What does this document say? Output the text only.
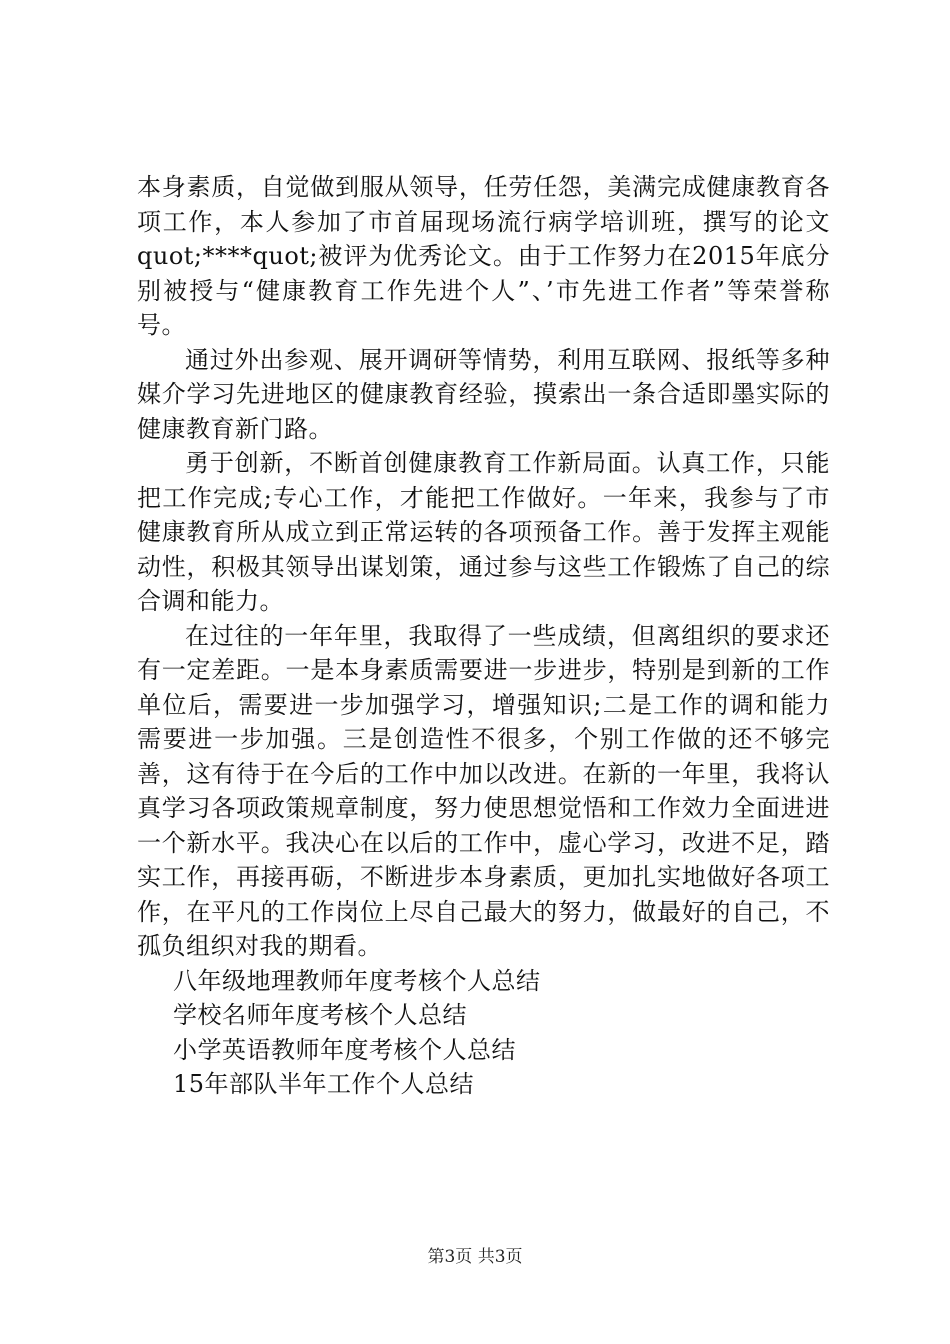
本身素质，自觉做到服从领导，任劳任怨，美满完成健康教育各项工作，本人参加了市首届现场流行病学培训班，撰写的论文quot;****quot;被评为优秀论文。由于工作努力在2015年底分别被授与“健康教育工作先进个人”、’市先进工作者”等荣誉称号。

通过外出参观、展开调研等情势，利用互联网、报纸等多种媒介学习先进地区的健康教育经验，摸索出一条合适即墨实际的健康教育新门路。

勇于创新，不断首创健康教育工作新局面。认真工作，只能把工作完成;专心工作，才能把工作做好。一年来，我参与了市健康教育所从成立到正常运转的各项预备工作。善于发挥主观能动性，积极其领导出谋划策，通过参与这些工作锻炼了自己的综合调和能力。

在过往的一年年里，我取得了一些成绩，但离组织的要求还有一定差距。一是本身素质需要进一步进步，特别是到新的工作单位后，需要进一步加强学习，增强知识;二是工作的调和能力需要进一步加强。三是创造性不很多，个别工作做的还不够完善，这有待于在今后的工作中加以改进。在新的一年里，我将认真学习各项政策规章制度，努力使思想觉悟和工作效力全面进进一个新水平。我决心在以后的工作中，虚心学习，改进不足，踏实工作，再接再砺，不断进步本身素质，更加扎实地做好各项工作，在平凡的工作岗位上尽自己最大的努力，做最好的自己，不孤负组织对我的期看。

八年级地理教师年度考核个人总结
学校名师年度考核个人总结
小学英语教师年度考核个人总结
15年部队半年工作个人总结
第3页 共3页
